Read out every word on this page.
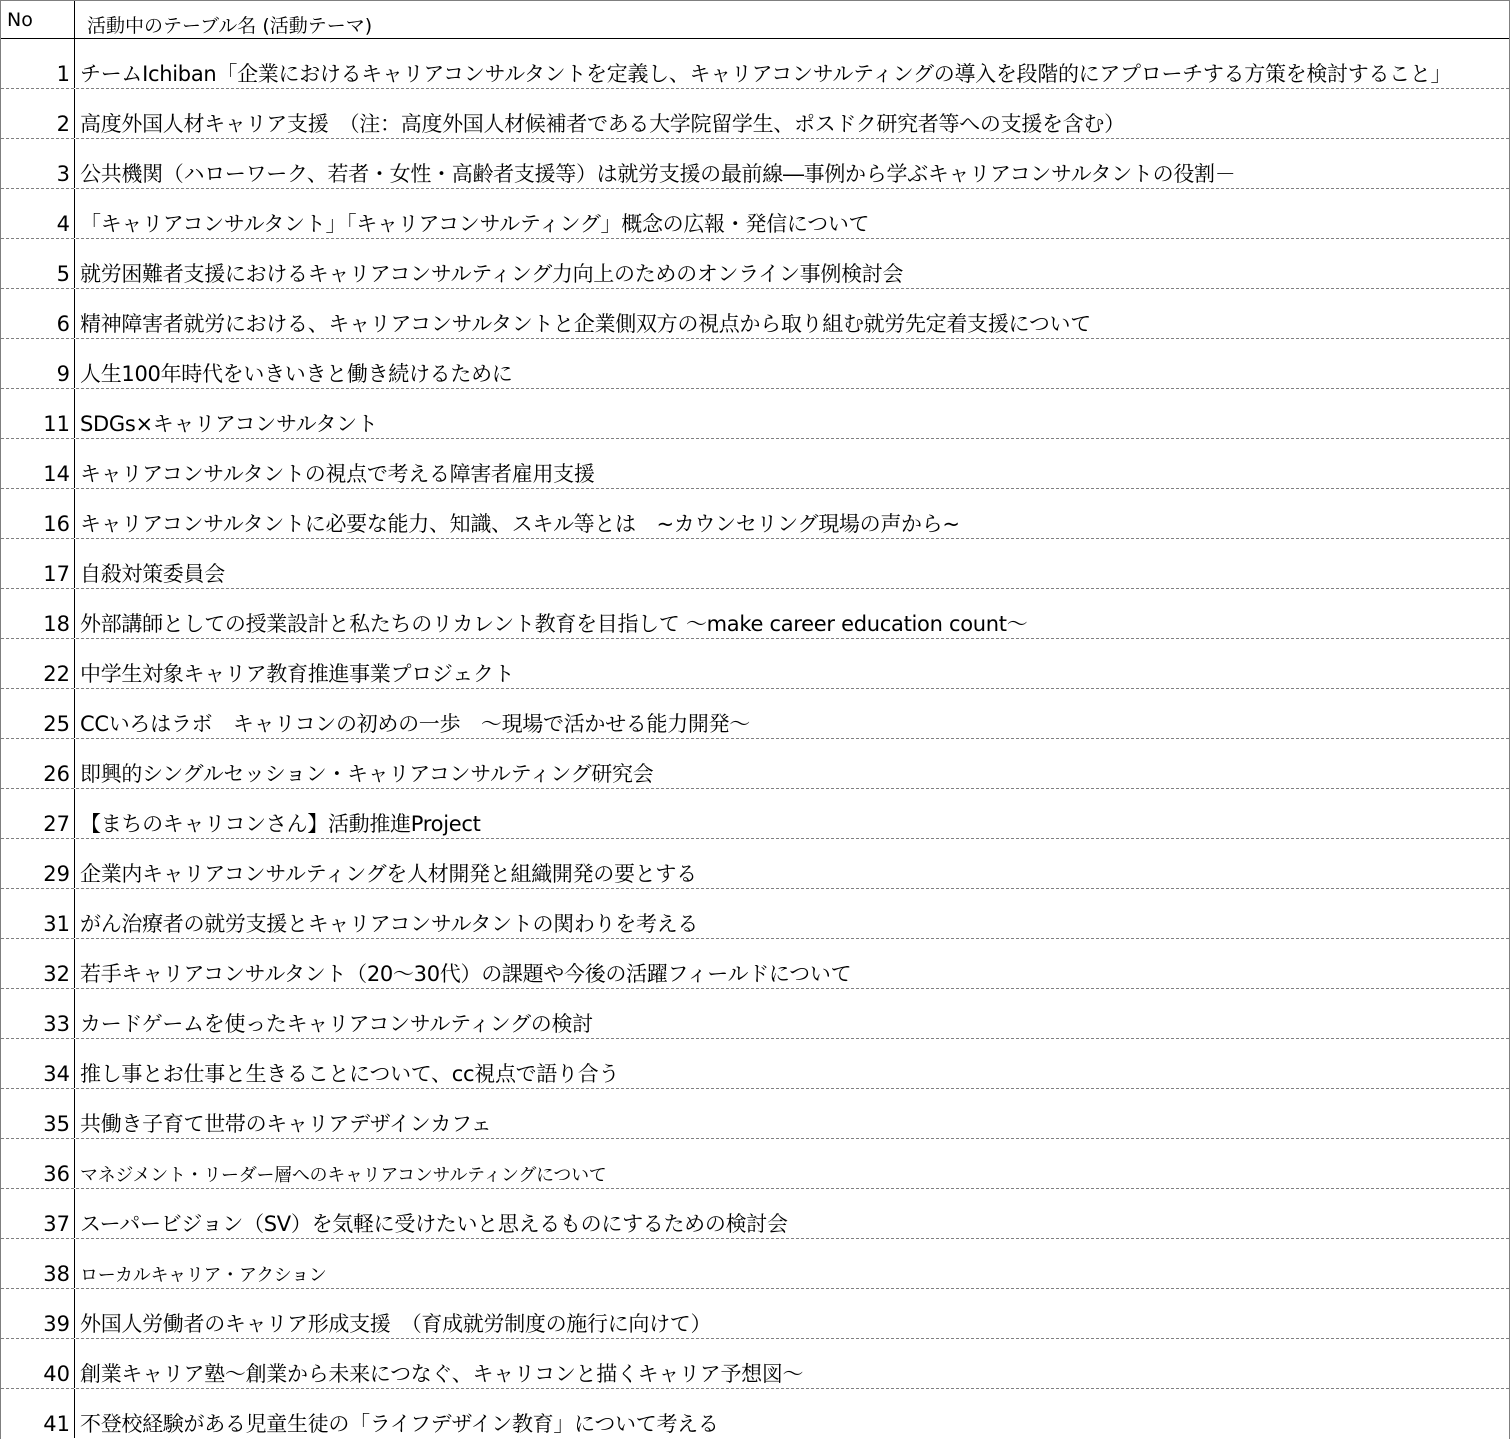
No	活動中のテーブル名 (活動テーマ)
1 チームIchiban「企業におけるキャリアコンサルタントを定義し、キャリアコンサルティングの導入を段階的にアプローチする方策を検討すること」
2 高度外国人材キャリア支援　（注：高度外国人材候補者である大学院留学生、ポスドク研究者等への支援を含む）
3 公共機関（ハローワーク、若者・女性・高齢者支援等）は就労支援の最前線―事例から学ぶキャリアコンサルタントの役割－
4 「キャリアコンサルタント」「キャリアコンサルティング」概念の広報・発信について
5 就労困難者支援におけるキャリアコンサルティング力向上のためのオンライン事例検討会
6 精神障害者就労における、キャリアコンサルタントと企業側双方の視点から取り組む就労先定着支援について
9 人生100年時代をいきいきと働き続けるために
11 SDGs×キャリアコンサルタント
14 キャリアコンサルタントの視点で考える障害者雇用支援
16 キャリアコンサルタントに必要な能力、知識、スキル等とは　~カウンセリング現場の声から~
17 自殺対策委員会
18 外部講師としての授業設計と私たちのリカレント教育を目指して ～make career education count～
22 中学生対象キャリア教育推進事業プロジェクト
25 CCいろはラボ　キャリコンの初めの一歩　～現場で活かせる能力開発～
26 即興的シングルセッション・キャリアコンサルティング研究会
27 【まちのキャリコンさん】活動推進Project
29 企業内キャリアコンサルティングを人材開発と組織開発の要とする
31 がん治療者の就労支援とキャリアコンサルタントの関わりを考える
32 若手キャリアコンサルタント（20～30代）の課題や今後の活躍フィールドについて
33 カードゲームを使ったキャリアコンサルティングの検討
34 推し事とお仕事と生きることについて、cc視点で語り合う
35 共働き子育て世帯のキャリアデザインカフェ
36 マネジメント・リーダー層へのキャリアコンサルティングについて
37 スーパービジョン（SV）を気軽に受けたいと思えるものにするための検討会
38 ローカルキャリア・アクション
39 外国人労働者のキャリア形成支援　（育成就労制度の施行に向けて）
40 創業キャリア塾～創業から未来につなぐ、キャリコンと描くキャリア予想図～
41 不登校経験がある児童生徒の「ライフデザイン教育」について考える
